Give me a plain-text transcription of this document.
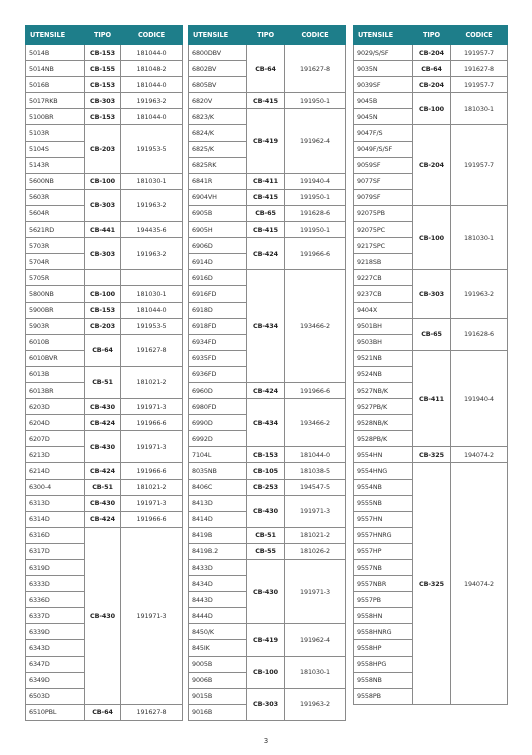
UTENSILE	TIPO	CODICE
5014B	CB-153	181044-0
5014NB	CB-155	181048-2
5016B	CB-153	181044-0
5017RKB	CB-303	191963-2
5100BR	CB-153	181044-0
5103R	CB-203	191953-5
5104S		
5143R		
5600NB	CB-100	181030-1
5603R	CB-303	191963-2
5604R		
5621RD	CB-441	194435-6
5703R	CB-303	191963-2
5704R		
5705R		
5800NB	CB-100	181030-1
5900BR	CB-153	181044-0
5903R	CB-203	191953-5
6010B	CB-64	191627-8
6010BVR		
6013B	CB-51	181021-2
6013BR		
6203D	CB-430	191971-3
6204D	CB-424	191966-6
6207D	CB-430	191971-3
6213D		
6214D	CB-424	191966-6
6300-4	CB-51	181021-2
6313D	CB-430	191971-3
6314D	CB-424	191966-6
6316D	CB-430	191971-3
6317D		
6319D		
6333D		
6336D		
6337D		
6339D		
6343D		
6347D		
6349D		
6503D		
6510PBL	CB-64	191627-8
UTENSILE	TIPO	CODICE
6800DBV	CB-64	191627-8
6802BV		
6805BV		
6820V	CB-415	191950-1
6823/K	CB-419	191962-4
6824/K		
6825/K		
6825RK		
6841R	CB-411	191940-4
6904VH	CB-415	191950-1
6905B	CB-65	191628-6
6905H	CB-415	191950-1
6906D	CB-424	191966-6
6914D		
6916D	CB-434	193466-2
6916FD		
6918D		
6918FD		
6934FD		
6935FD		
6936FD		
6960D	CB-424	191966-6
6980FD	CB-434	193466-2
6990D		
6992D		
7104L	CB-153	181044-0
8035NB	CB-105	181038-5
8406C	CB-253	194547-5
8413D	CB-430	191971-3
8414D		
8419B	CB-51	181021-2
8419B.2	CB-55	181026-2
8433D	CB-430	191971-3
8434D		
8443D		
8444D		
8450/K	CB-419	191962-4
845IK		
9005B	CB-100	181030-1
9006B		
9015B	CB-303	191963-2
9016B		
UTENSILE	TIPO	CODICE
9029/S/SF	CB-204	191957-7
9035N	CB-64	191627-8
9039SF	CB-204	191957-7
9045B	CB-100	181030-1
9045N		
9047F/S	CB-204	191957-7
9049F/S/SF		
9059SF		
9077SF		
9079SF		
92075PB	CB-100	181030-1
92075PC		
9217SPC		
9218SB		
9227CB	CB-303	191963-2
9237CB		
9404X		
9501BH	CB-65	191628-6
9503BH		
9521NB	CB-411	191940-4
9524NB		
9527NB/K		
9527PB/K		
9528NB/K		
9528PB/K		
9554HN	CB-325	194074-2
9554HNG	CB-325	194074-2
9554NB		
9555NB		
9557HN		
9557HNRG		
9557HP		
9557NB		
9557NBR		
9557PB		
9558HN		
9558HNRG		
9558HP		
9558HPG		
9558NB		
9558PB		
3
